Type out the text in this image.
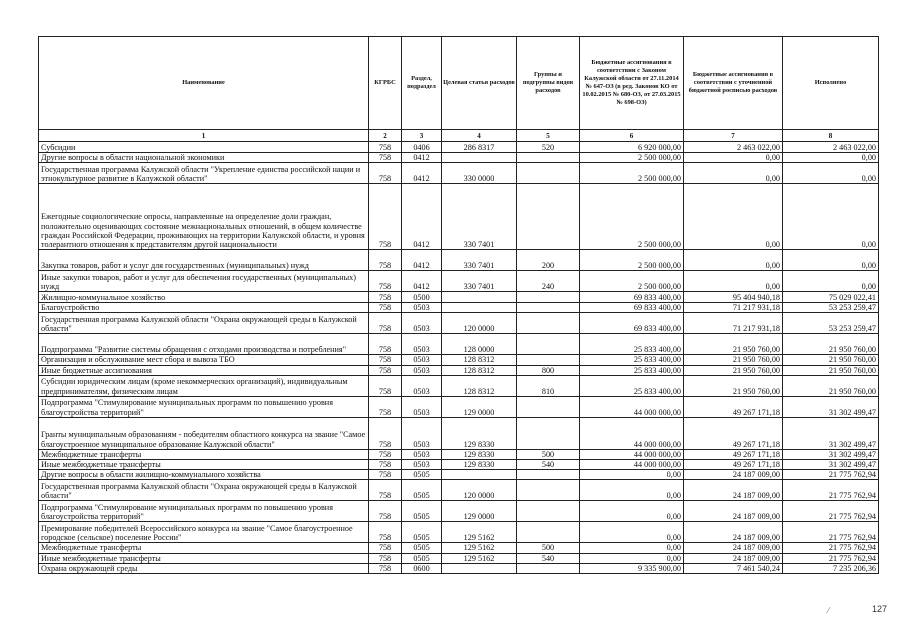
Наименование	КГРБС	Раздел, подраздел	Целевая статья расходов	Группы и подгруппы видов расходов	Бюджетные ассигнования в соответствии с Законом Калужской области от 27.11.2014 № 647-ОЗ (в ред. Законов КО от 10.02.2015 № 680-ОЗ, от 27.03.2015 № 698-ОЗ)	Бюджетные ассигнования в соответствии с уточненной бюджетной росписью расходов	Исполнено
1	2	3	4	5	6	7	8
Субсидии	758	0406	286 8317	520	6 920 000,00	2 463 022,00	2 463 022,00
Другие вопросы в области национальной экономики	758	0412			2 500 000,00	0,00	0,00
Государственная программа Калужской области "Укрепление единства российской нации и этнокультурное развитие в Калужской области"	758	0412	330 0000		2 500 000,00	0,00	0,00
Ежегодные социологические опросы, направленные на определение доли граждан, положительно оценивающих состояние межнациональных отношений, в общем количестве граждан Российской Федерации, проживающих на территории Калужской области, и уровня толерантного отношения к представителям другой национальности	758	0412	330 7401		2 500 000,00	0,00	0,00
Закупка товаров, работ и услуг для государственных (муниципальных) нужд	758	0412	330 7401	200	2 500 000,00	0,00	0,00
Иные закупки товаров, работ и услуг для обеспечения государственных (муниципальных) нужд	758	0412	330 7401	240	2 500 000,00	0,00	0,00
Жилищно-коммунальное хозяйство	758	0500			69 833 400,00	95 404 940,18	75 029 022,41
Благоустройство	758	0503			69 833 400,00	71 217 931,18	53 253 259,47
Государственная программа Калужской области "Охрана окружающей среды в Калужской области"	758	0503	120 0000		69 833 400,00	71 217 931,18	53 253 259,47
Подпрограмма "Развитие системы обращения с отходами производства и потребления"	758	0503	128 0000		25 833 400,00	21 950 760,00	21 950 760,00
Организация и обслуживание мест сбора и вывоза ТБО	758	0503	128 8312		25 833 400,00	21 950 760,00	21 950 760,00
Иные бюджетные ассигнования	758	0503	128 8312	800	25 833 400,00	21 950 760,00	21 950 760,00
Субсидии юридическим лицам (кроме некоммерческих организаций), индивидуальным предпринимателям, физическим лицам	758	0503	128 8312	810	25 833 400,00	21 950 760,00	21 950 760,00
Подпрограмма "Стимулирование муниципальных программ по повышению уровня благоустройства территорий"	758	0503	129 0000		44 000 000,00	49 267 171,18	31 302 499,47
Гранты муниципальным образованиям - победителям областного конкурса на звание "Самое благоустроенное муниципальное образование Калужской области"	758	0503	129 8330		44 000 000,00	49 267 171,18	31 302 499,47
Межбюджетные трансферты	758	0503	129 8330	500	44 000 000,00	49 267 171,18	31 302 499,47
Иные межбюджетные трансферты	758	0503	129 8330	540	44 000 000,00	49 267 171,18	31 302 499,47
Другие вопросы в области жилищно-коммунального хозяйства	758	0505			0,00	24 187 009,00	21 775 762,94
Государственная программа Калужской области "Охрана окружающей среды в Калужской области"	758	0505	120 0000		0,00	24 187 009,00	21 775 762,94
Подпрограмма "Стимулирование муниципальных программ по повышению уровня благоустройства территорий"	758	0505	129 0000		0,00	24 187 009,00	21 775 762,94
Премирование победителей Всероссийского конкурса на звание "Самое благоустроенное городское (сельское) поселение России"	758	0505	129 5162		0,00	24 187 009,00	21 775 762,94
Межбюджетные трансферты	758	0505	129 5162	500	0,00	24 187 009,00	21 775 762,94
Иные межбюджетные трансферты	758	0505	129 5162	540	0,00	24 187 009,00	21 775 762,94
Охрана окружающей среды	758	0600			9 335 900,00	7 461 540,24	7 235 206,36
127
⁄
